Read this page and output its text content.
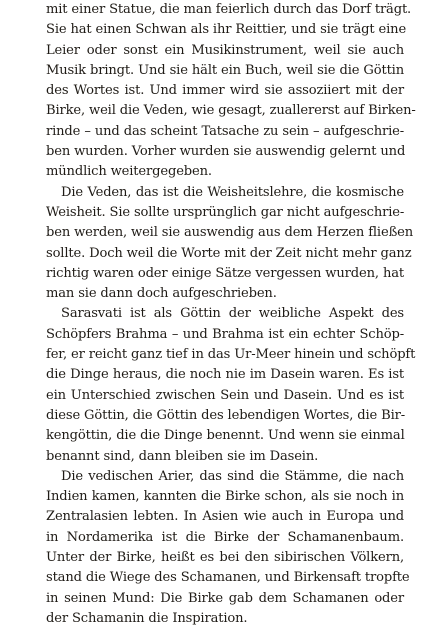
mit einer Statue, die man feierlich durch das Dorf trägt.
Sie hat einen Schwan als ihr Reittier, und sie trägt eine
Leier oder sonst ein Musikinstrument, weil sie auch
Musik bringt. Und sie hält ein Buch, weil sie die Göttin
des Wortes ist. Und immer wird sie assoziiert mit der
Birke, weil die Veden, wie gesagt, zuallererst auf Birken-
rinde – und das scheint Tatsache zu sein – aufgeschrie-
ben wurden. Vorher wurden sie auswendig gelernt und
mündlich weitergegeben.
Die Veden, das ist die Weisheitslehre, die kosmische
Weisheit. Sie sollte ursprünglich gar nicht aufgeschrie-
ben werden, weil sie auswendig aus dem Herzen fließen
sollte. Doch weil die Worte mit der Zeit nicht mehr ganz
richtig waren oder einige Sätze vergessen wurden, hat
man sie dann doch aufgeschrieben.
Sarasvati ist als Göttin der weibliche Aspekt des
Schöpfers Brahma – und Brahma ist ein echter Schöp-
fer, er reicht ganz tief in das Ur-Meer hinein und schöpft
die Dinge heraus, die noch nie im Dasein waren. Es ist
ein Unterschied zwischen Sein und Dasein. Und es ist
diese Göttin, die Göttin des lebendigen Wortes, die Bir-
kengöttin, die die Dinge benennt. Und wenn sie einmal
benannt sind, dann bleiben sie im Dasein.
Die vedischen Arier, das sind die Stämme, die nach
Indien kamen, kannten die Birke schon, als sie noch in
Zentralasien lebten. In Asien wie auch in Europa und
in Nordamerika ist die Birke der Schamanenbaum.
Unter der Birke, heißt es bei den sibirischen Völkern,
stand die Wiege des Schamanen, und Birkensaft tropfte
in seinen Mund: Die Birke gab dem Schamanen oder
der Schamanin die Inspiration.
